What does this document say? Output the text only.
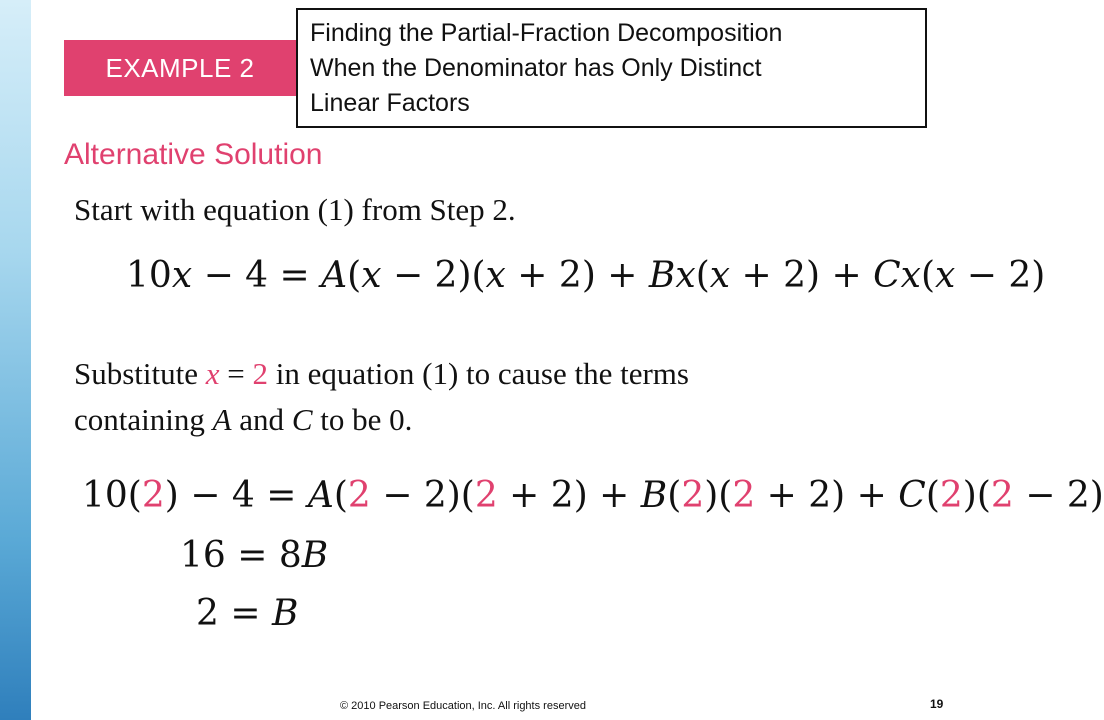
EXAMPLE 2
Finding the Partial-Fraction Decomposition
When the Denominator has Only Distinct
Linear Factors
Alternative Solution
Start with equation (1) from Step 2.
10x − 4 = A(x − 2)(x + 2) + Bx(x + 2) + Cx(x − 2)
Substitute x = 2 in equation (1) to cause the terms
containing A and C to be 0.
10(2) − 4 = A(2 − 2)(2 + 2) + B(2)(2 + 2) + C(2)(2 − 2)
16 = 8B
2 = B
© 2010 Pearson Education, Inc. All rights reserved	19
